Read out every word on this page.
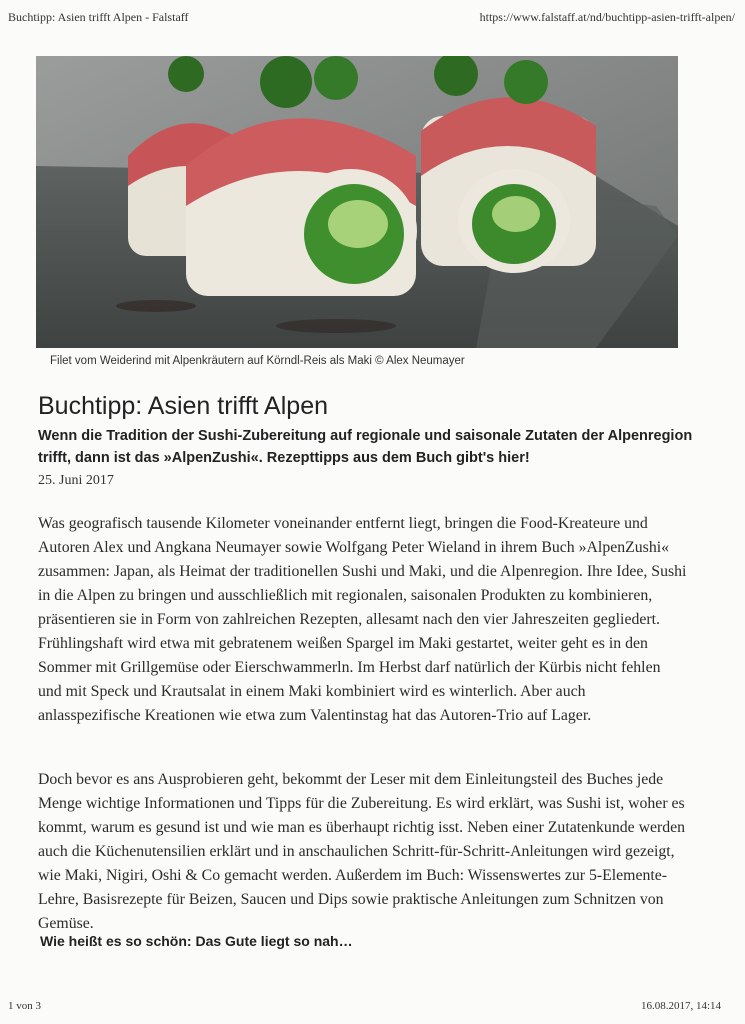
Buchtipp: Asien trifft Alpen - Falstaff	https://www.falstaff.at/nd/buchtipp-asien-trifft-alpen/
Filet vom Weiderind mit Alpenkräutern auf Körndl-Reis als Maki © Alex Neumayer
Buchtipp: Asien trifft Alpen

Wenn die Tradition der Sushi-Zubereitung auf regionale und saisonale Zutaten der Alpenregion trifft, dann ist das »AlpenZushi«. Rezepttipps aus dem Buch gibt's hier!

25. Juni 2017

Was geografisch tausende Kilometer voneinander entfernt liegt, bringen die Food-Kreateure und Autoren Alex und Angkana Neumayer sowie Wolfgang Peter Wieland in ihrem Buch »AlpenZushi« zusammen: Japan, als Heimat der traditionellen Sushi und Maki, und die Alpenregion. Ihre Idee, Sushi in die Alpen zu bringen und ausschließlich mit regionalen, saisonalen Produkten zu kombinieren, präsentieren sie in Form von zahlreichen Rezepten, allesamt nach den vier Jahreszeiten gegliedert. Frühlingshaft wird etwa mit gebratenem weißen Spargel im Maki gestartet, weiter geht es in den Sommer mit Grillgemüse oder Eierschwammerln. Im Herbst darf natürlich der Kürbis nicht fehlen und mit Speck und Krautsalat in einem Maki kombiniert wird es winterlich. Aber auch anlasspezifische Kreationen wie etwa zum Valentinstag hat das Autoren-Trio auf Lager.

Doch bevor es ans Ausprobieren geht, bekommt der Leser mit dem Einleitungsteil des Buches jede Menge wichtige Informationen und Tipps für die Zubereitung. Es wird erklärt, was Sushi ist, woher es kommt, warum es gesund ist und wie man es überhaupt richtig isst. Neben einer Zutatenkunde werden auch die Küchenutensilien erklärt und in anschaulichen Schritt-für-Schritt-Anleitungen wird gezeigt, wie Maki, Nigiri, Oshi & Co gemacht werden. Außerdem im Buch: Wissenswertes zur 5-Elemente-Lehre, Basisrezepte für Beizen, Saucen und Dips sowie praktische Anleitungen zum Schnitzen von Gemüse.

Wie heißt es so schön: Das Gute liegt so nah…
1 von 3	16.08.2017, 14:14
